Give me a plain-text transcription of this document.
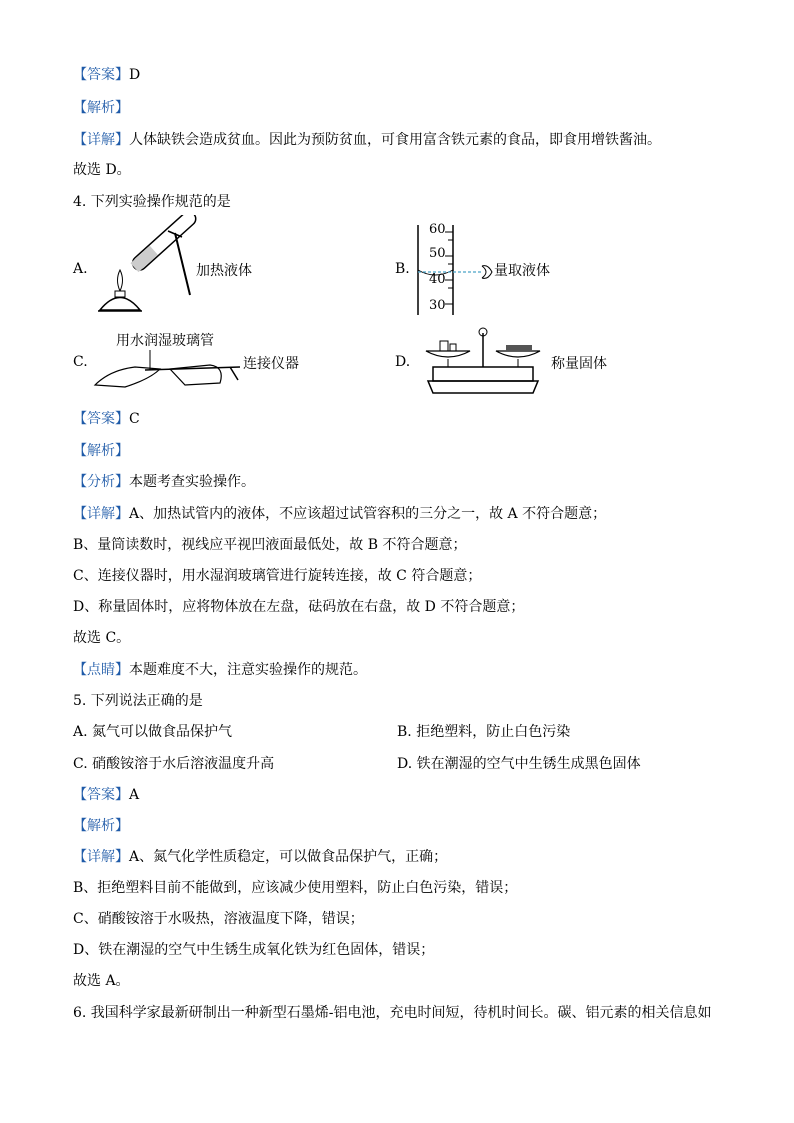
【答案】D
【解析】
【详解】人体缺铁会造成贫血。因此为预防贫血，可食用富含铁元素的食品，即食用增铁酱油。
故选 D。
4. 下列实验操作规范的是
A.	加热液体	B.
60
50
40
30
量取液体
用水润湿玻璃管
C.	连接仪器	D.	称量固体
【答案】C
【解析】
【分析】本题考查实验操作。
【详解】A、加热试管内的液体，不应该超过试管容积的三分之一，故 A 不符合题意；
B、量筒读数时，视线应平视凹液面最低处，故 B 不符合题意；
C、连接仪器时，用水湿润玻璃管进行旋转连接，故 C 符合题意；
D、称量固体时，应将物体放在左盘，砝码放在右盘，故 D 不符合题意；
故选 C。
【点睛】本题难度不大，注意实验操作的规范。
5. 下列说法正确的是
A. 氮气可以做食品保护气	B. 拒绝塑料，防止白色污染
C. 硝酸铵溶于水后溶液温度升高	D. 铁在潮湿的空气中生锈生成黑色固体
【答案】A
【解析】
【详解】A、氮气化学性质稳定，可以做食品保护气，正确；
B、拒绝塑料目前不能做到，应该减少使用塑料，防止白色污染，错误；
C、硝酸铵溶于水吸热，溶液温度下降，错误；
D、铁在潮湿的空气中生锈生成氧化铁为红色固体，错误；
故选 A。
6. 我国科学家最新研制出一种新型石墨烯-铝电池，充电时间短，待机时间长。碳、铝元素的相关信息如
